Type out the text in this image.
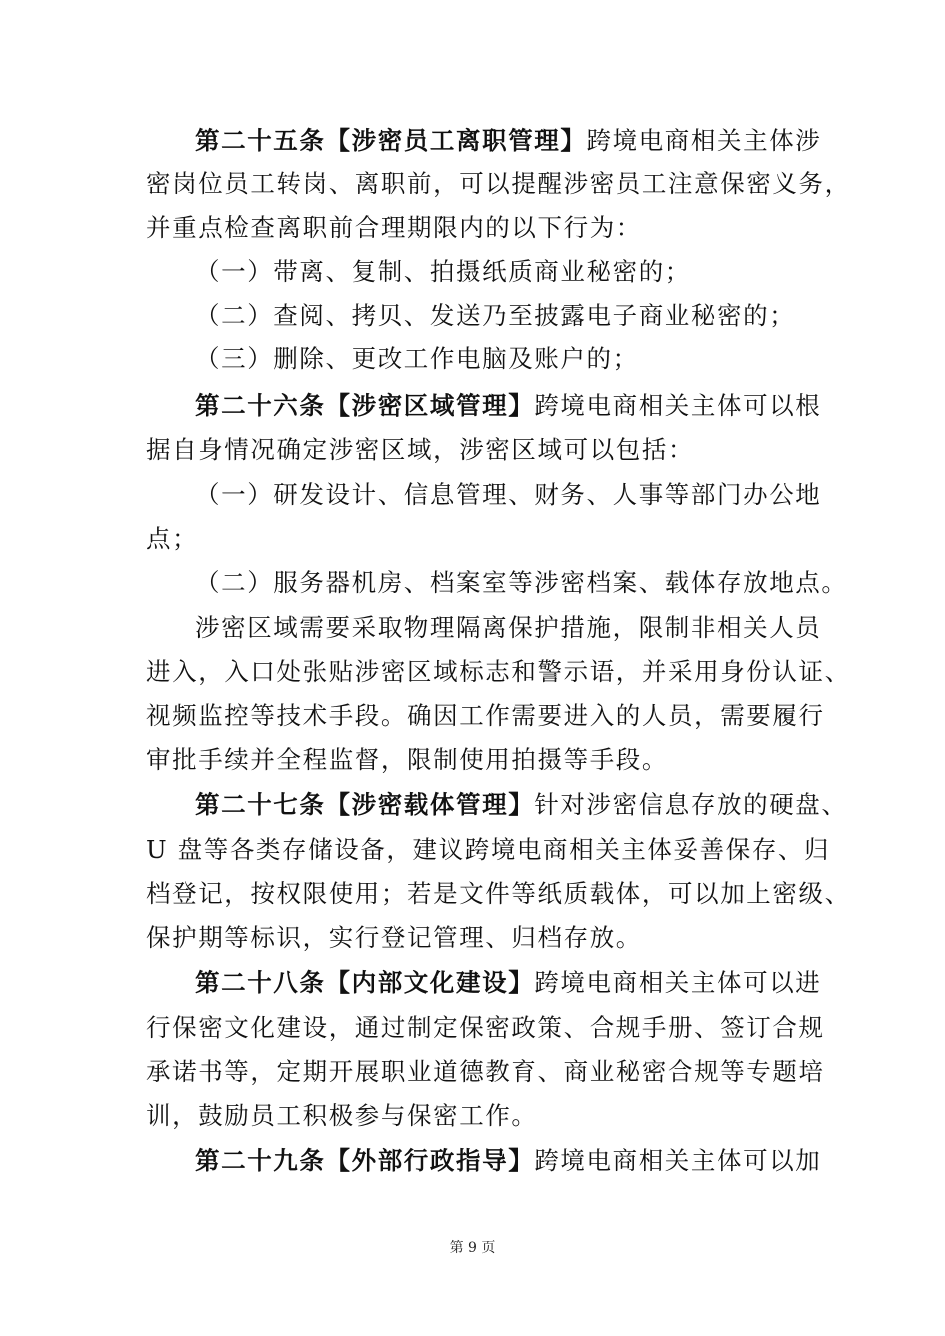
第二十五条【涉密员工离职管理】跨境电商相关主体涉
密岗位员工转岗、离职前，可以提醒涉密员工注意保密义务，
并重点检查离职前合理期限内的以下行为：
（一）带离、复制、拍摄纸质商业秘密的；
（二）查阅、拷贝、发送乃至披露电子商业秘密的；
（三）删除、更改工作电脑及账户的；
第二十六条【涉密区域管理】跨境电商相关主体可以根
据自身情况确定涉密区域，涉密区域可以包括：
（一）研发设计、信息管理、财务、人事等部门办公地
点；
（二）服务器机房、档案室等涉密档案、载体存放地点。
涉密区域需要采取物理隔离保护措施，限制非相关人员
进入，入口处张贴涉密区域标志和警示语，并采用身份认证、
视频监控等技术手段。确因工作需要进入的人员，需要履行
审批手续并全程监督，限制使用拍摄等手段。
第二十七条【涉密载体管理】针对涉密信息存放的硬盘、
U 盘等各类存储设备，建议跨境电商相关主体妥善保存、归
档登记，按权限使用；若是文件等纸质载体，可以加上密级、
保护期等标识，实行登记管理、归档存放。
第二十八条【内部文化建设】跨境电商相关主体可以进
行保密文化建设，通过制定保密政策、合规手册、签订合规
承诺书等，定期开展职业道德教育、商业秘密合规等专题培
训，鼓励员工积极参与保密工作。
第二十九条【外部行政指导】跨境电商相关主体可以加
第 9 页
